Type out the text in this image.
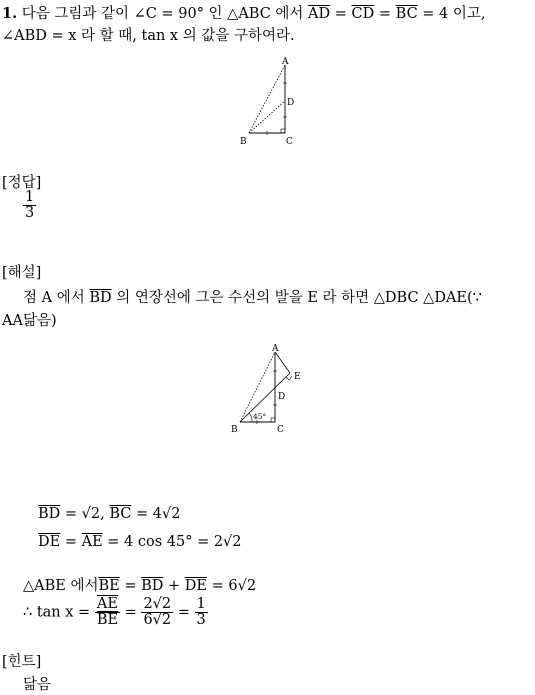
1. 다음 그림과 같이 ∠C = 90° 인 △ABC 에서 $\overline{AD} = \overline{CD} = \overline{BC} = 4$ 이고,
∠ABD = x 라 할 때, tan x 의 값을 구하여라.
A
D
B	C
[정답]
$\frac{1}{3}$
[해설]
점 A 에서 $\overline{BD}$ 의 연장선에 그은 수선의 발을 E 라 하면 △DBC △DAE(∵
AA닮음)
A
E
D
B	C
45°
$\overline{BD} = √2$, $\overline{BC} = 4√2$
$\overline{DE} = \overline{AE} = 4$ cos 45° = 2√2
△ABE 에서$\overline{BE} = \overline{BD} + \overline{DE} = 6√2$
∴ $\tan x = \frac{\overline{AE}}{BE} = \frac{2√2}{6√2} = \frac{1}{3}$
[힌트]
닮음
